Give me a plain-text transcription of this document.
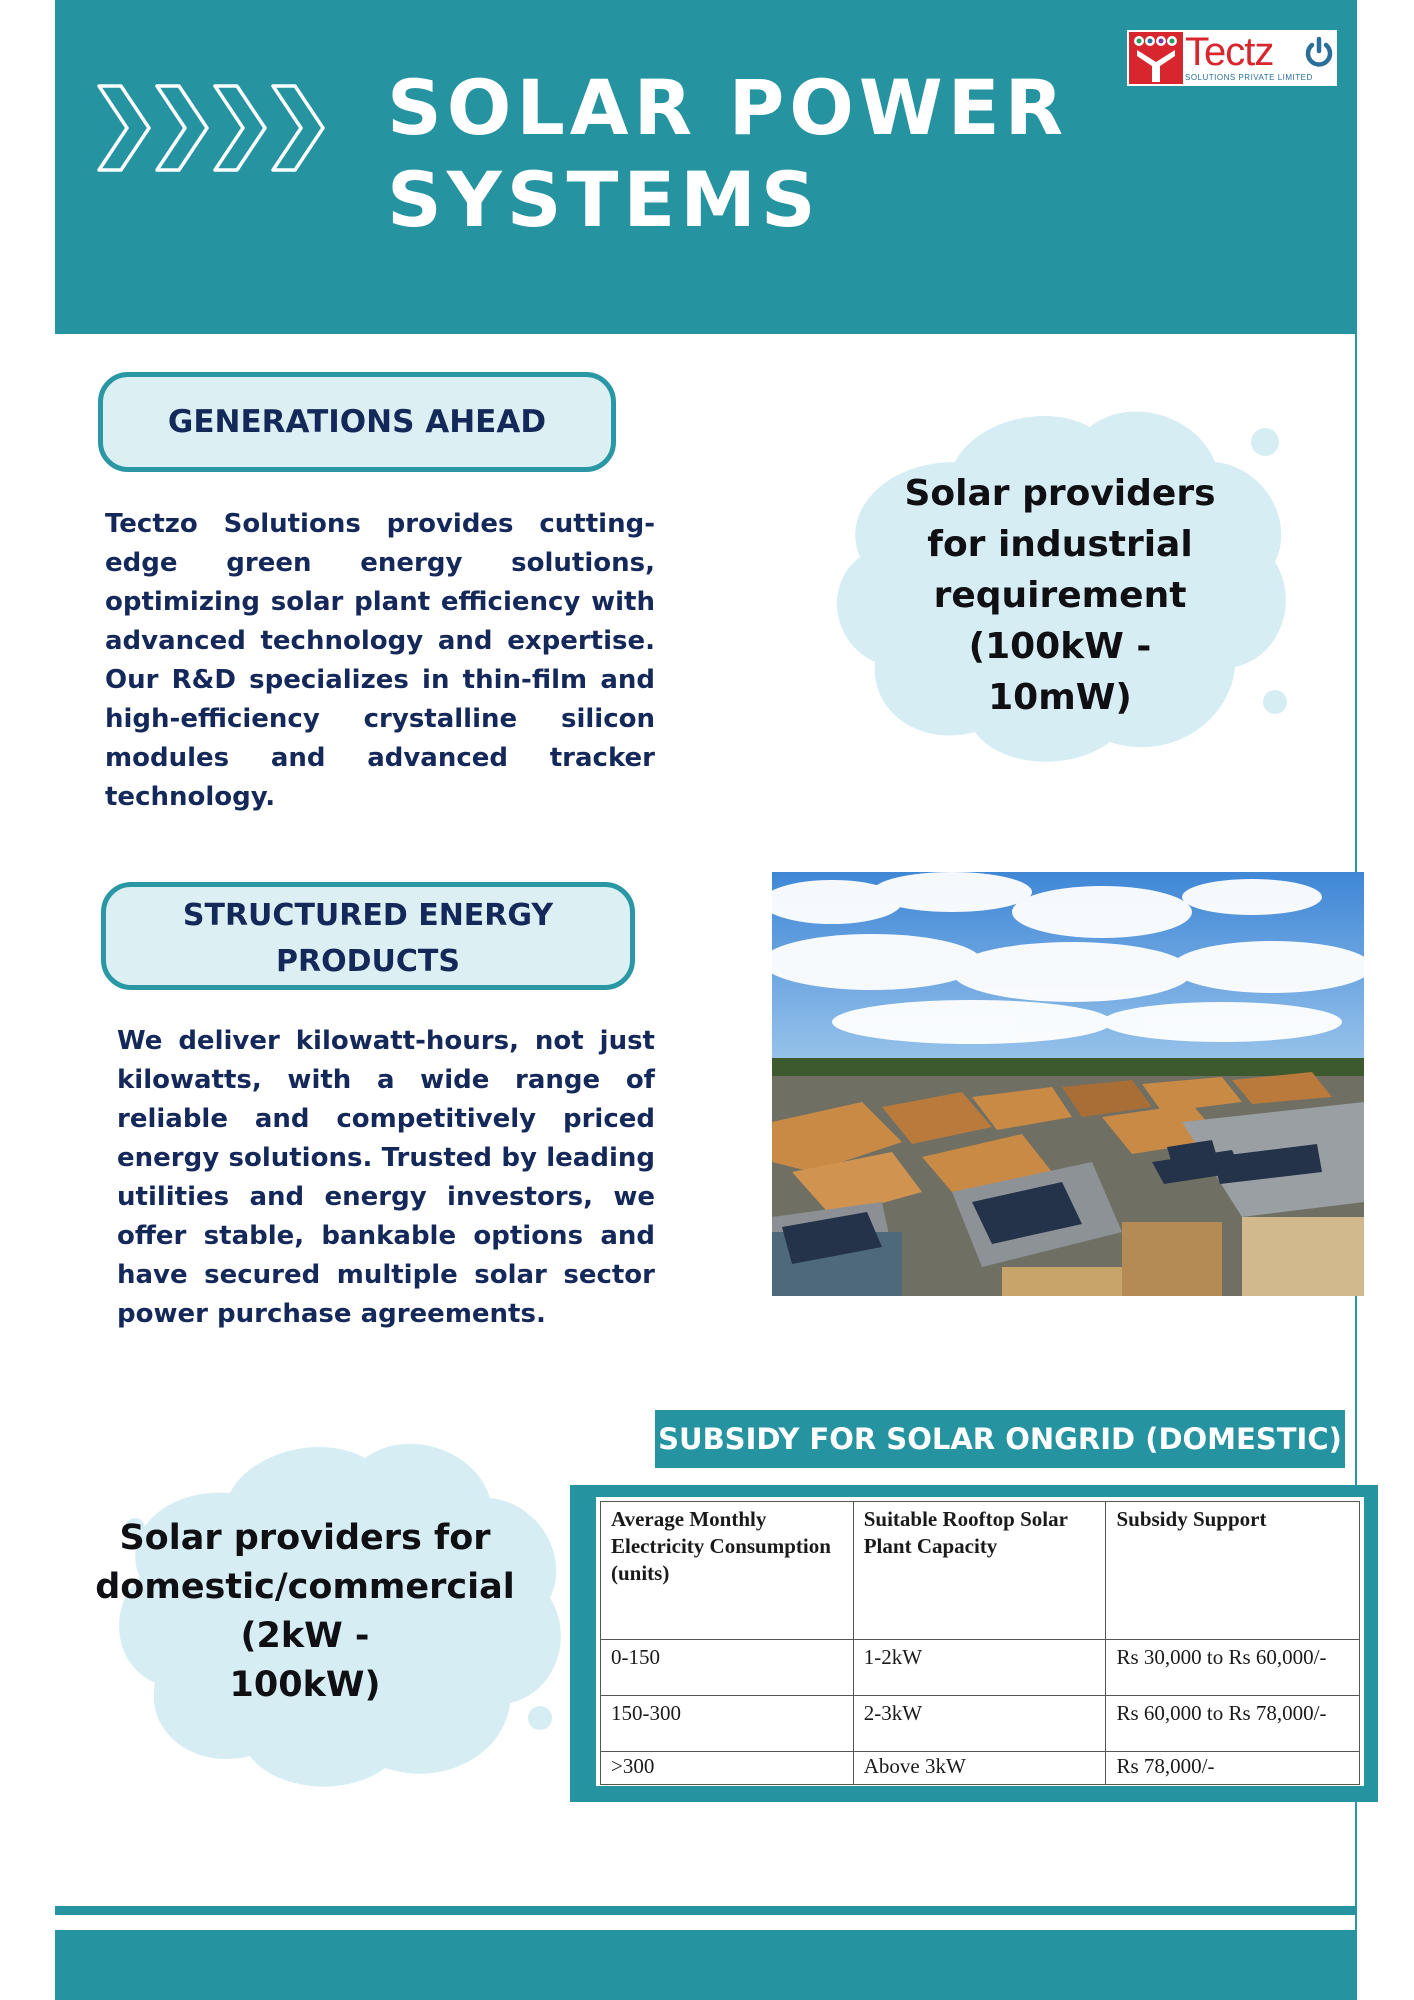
SOLAR POWER
SYSTEMS
Tectz
SOLUTIONS PRIVATE LIMITED
GENERATIONS AHEAD

Tectzo Solutions provides cutting-edge green energy solutions, optimizing solar plant efficiency with advanced technology and expertise. Our R&D specializes in thin-film and high-efficiency crystalline silicon modules and advanced tracker technology.

Solar providers
for industrial
requirement
(100kW -
10mW)
STRUCTURED ENERGY
PRODUCTS

We deliver kilowatt-hours, not just kilowatts, with a wide range of reliable and competitively priced energy solutions. Trusted by leading utilities and energy investors, we offer stable, bankable options and have secured multiple solar sector power purchase agreements.

Solar providers for
domestic/commercial
(2kW -
100kW)
SUBSIDY FOR SOLAR ONGRID (DOMESTIC)
Average Monthly Electricity Consumption (units)	Suitable Rooftop Solar Plant Capacity	Subsidy Support
0-150	1-2kW	Rs 30,000 to Rs 60,000/-
150-300	2-3kW	Rs 60,000 to Rs 78,000/-
>300	Above 3kW	Rs 78,000/-
